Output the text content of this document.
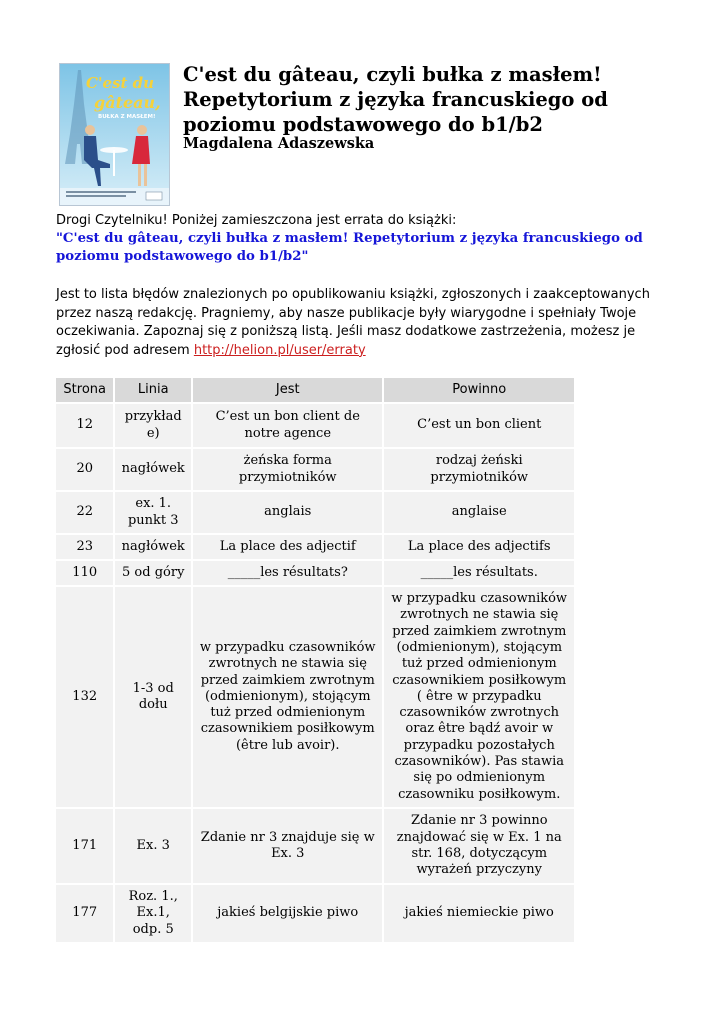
C'est du
gâteau,
BUŁKA Z MASŁEM!
C'est du gâteau, czyli bułka z masłem! Repetytorium z języka francuskiego od poziomu podstawowego do b1/b2
Magdalena Adaszewska
Drogi Czytelniku! Poniżej zamieszczona jest errata do książki:
"C'est du gâteau, czyli bułka z masłem! Repetytorium z języka francuskiego od poziomu podstawowego do b1/b2"
Jest to lista błędów znalezionych po opublikowaniu książki, zgłoszonych i zaakceptowanych przez naszą redakcję. Pragniemy, aby nasze publikacje były wiarygodne i spełniały Twoje oczekiwania. Zapoznaj się z poniższą listą. Jeśli masz dodatkowe zastrzeżenia, możesz je zgłosić pod adresem http://helion.pl/user/erraty
Strona	Linia	Jest	Powinno
12	przykład e)	C’est un bon client de notre agence	C’est un bon client
20	nagłówek	żeńska forma przymiotników	rodzaj żeński przymiotników
22	ex. 1. punkt 3	anglais	anglaise
23	nagłówek	La place des adjectif	La place des adjectifs
110	5 od góry	_____les résultats?	_____les résultats.
132	1-3 od dołu	w przypadku czasowników zwrotnych ne stawia się przed zaimkiem zwrotnym (odmienionym), stojącym tuż przed odmienionym czasownikiem posiłkowym (être lub avoir).	w przypadku czasowników zwrotnych ne stawia się przed zaimkiem zwrotnym (odmienionym), stojącym tuż przed odmienionym czasownikiem posiłkowym ( être w przypadku czasowników zwrotnych oraz être bądź avoir w przypadku pozostałych czasowników). Pas stawia się po odmienionym czasowniku posiłkowym.
171	Ex. 3	Zdanie nr 3 znajduje się w Ex. 3	Zdanie nr 3 powinno znajdować się w Ex. 1 na str. 168, dotyczącym wyrażeń przyczyny
177	Roz. 1., Ex.1, odp. 5	jakieś belgijskie piwo	jakieś niemieckie piwo
